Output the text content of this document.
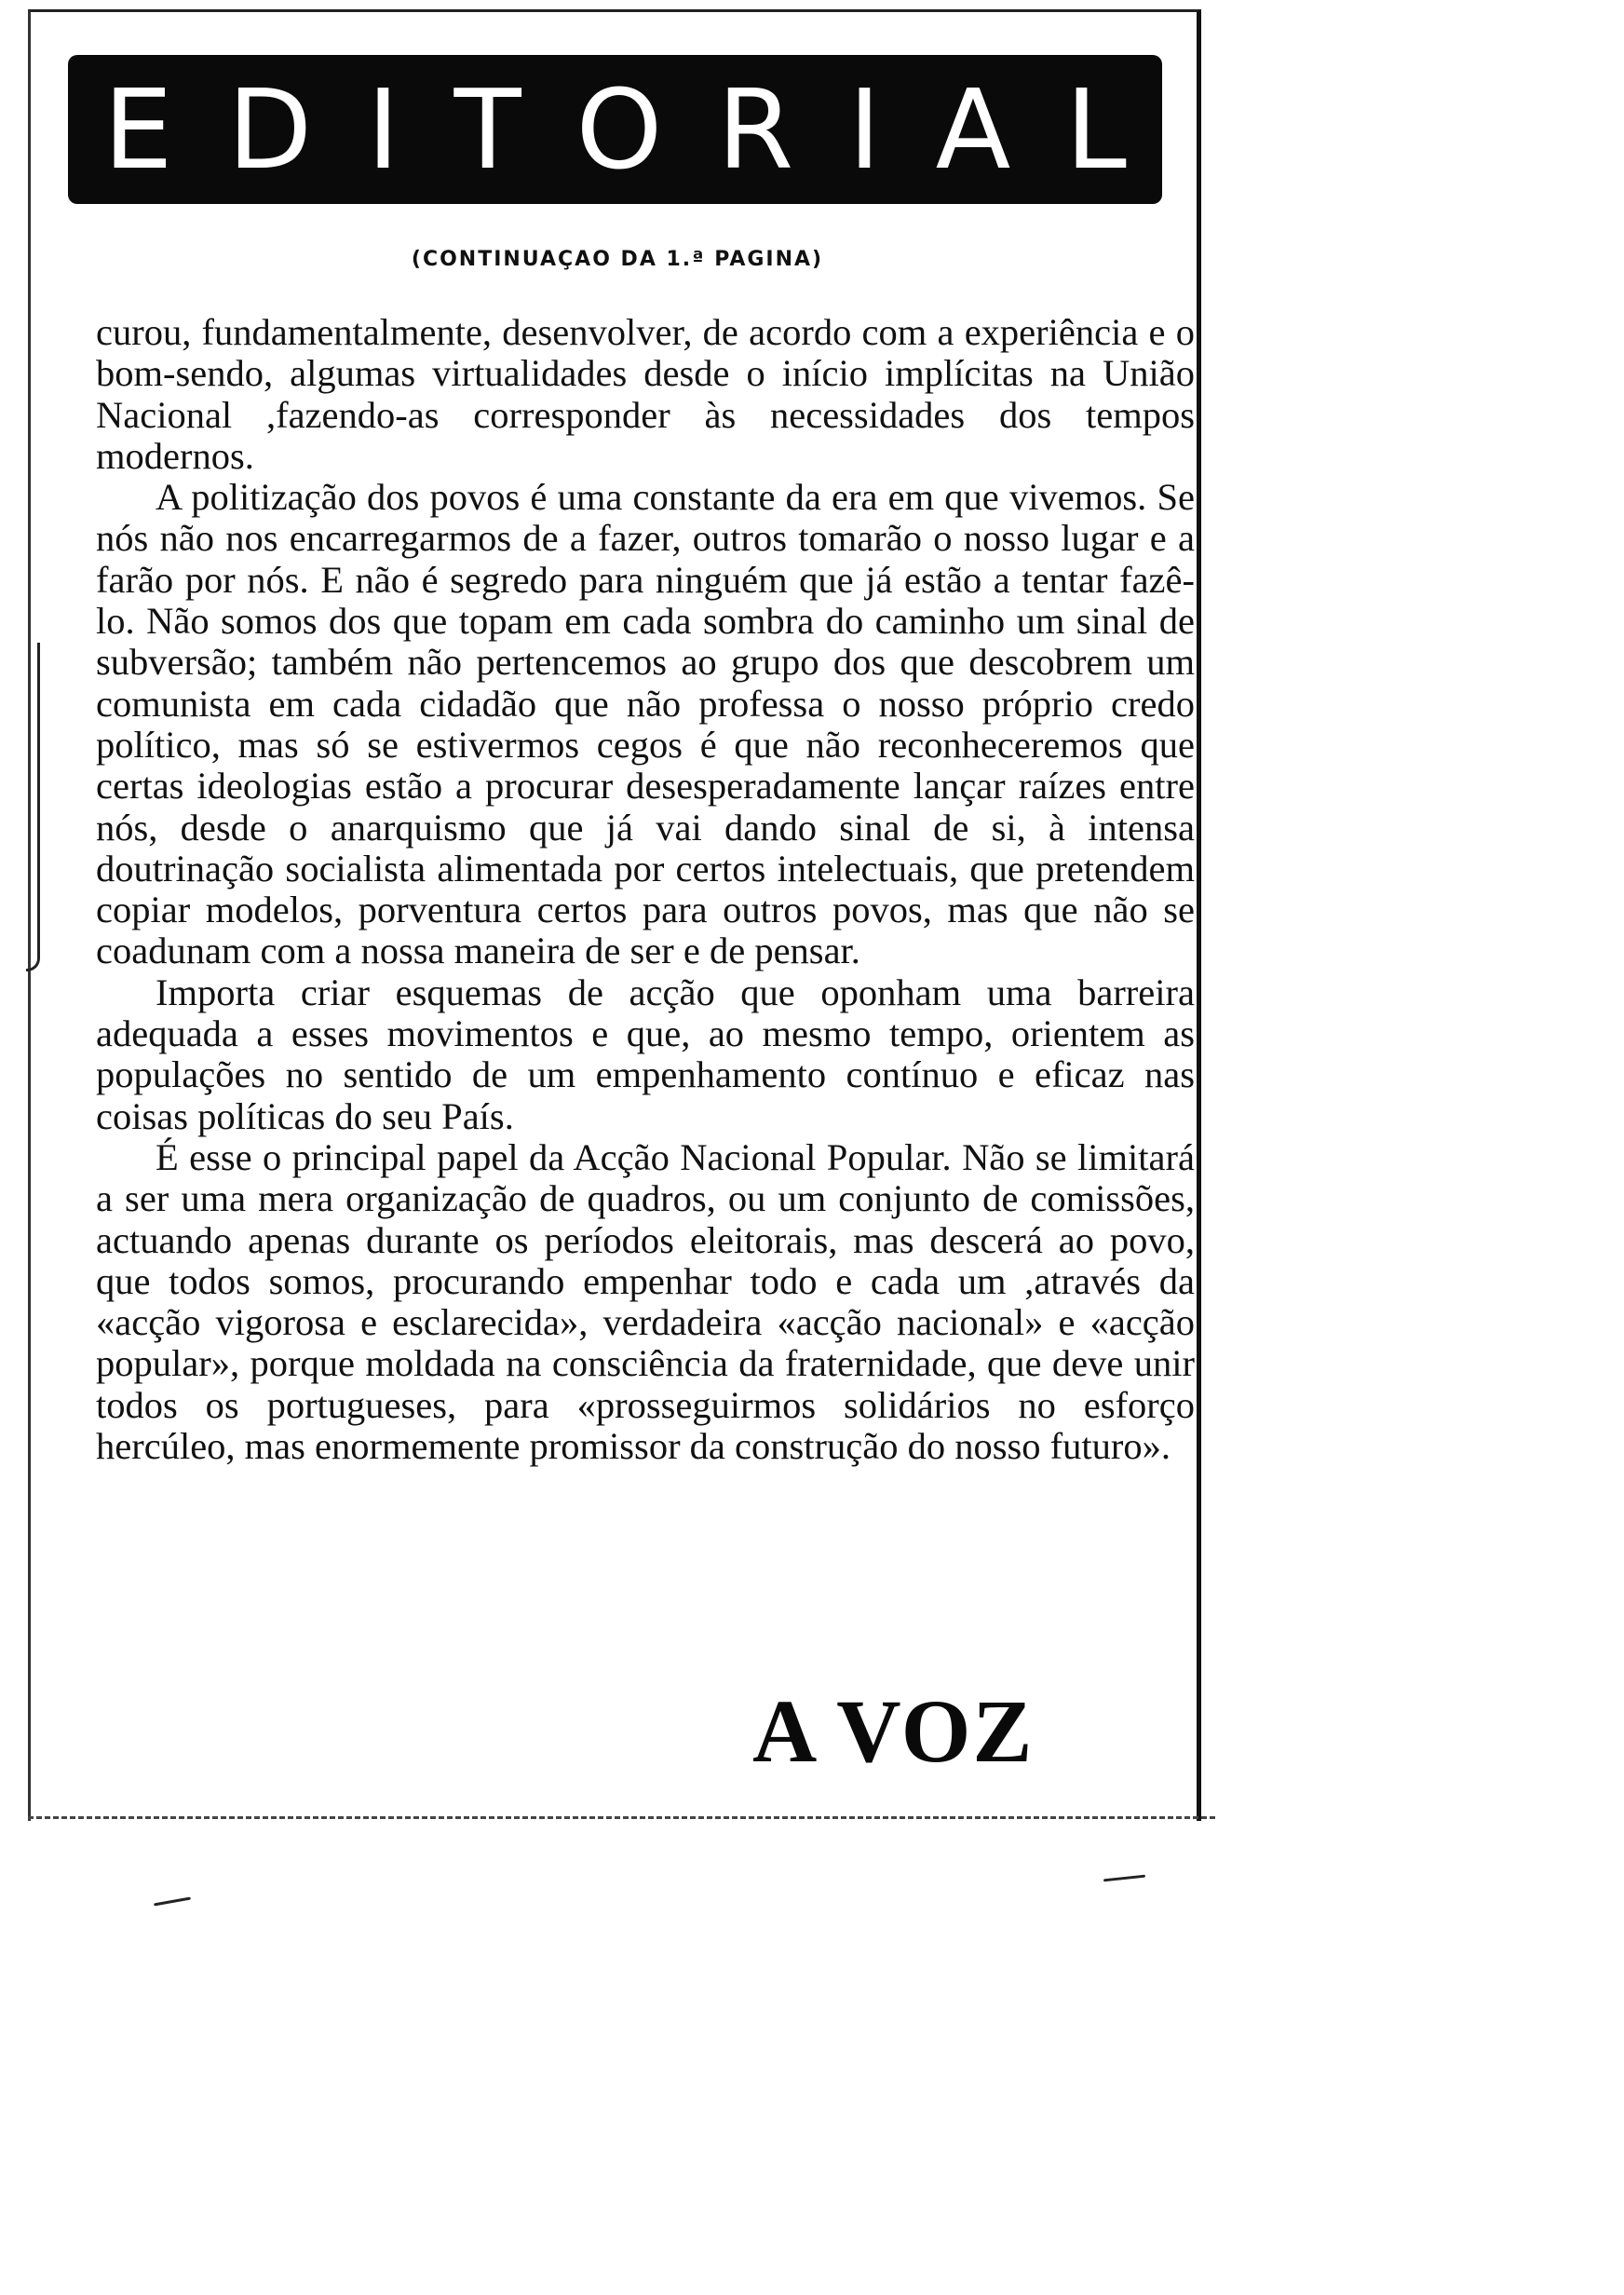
E D I T O R I A L
(CONTINUAÇAO DA 1.ª PAGINA)

curou, fundamentalmente, desenvolver, de acordo com a experiência e o bom-sendo, algumas virtualidades desde o início implícitas na União Nacional ,fazendo-as corresponder às necessidades dos tempos modernos.

A politização dos povos é uma constante da era em que vivemos. Se nós não nos encarregarmos de a fazer, outros tomarão o nosso lugar e a farão por nós. E não é segredo para ninguém que já estão a tentar fazê-lo. Não somos dos que topam em cada sombra do caminho um sinal de subversão; também não pertencemos ao grupo dos que descobrem um comunista em cada cidadão que não professa o nosso próprio credo político, mas só se estivermos cegos é que não reconheceremos que certas ideologias estão a procurar desesperadamente lançar raízes entre nós, desde o anarquismo que já vai dando sinal de si, à intensa doutrinação socialista alimentada por certos intelectuais, que pretendem copiar modelos, porventura certos para outros povos, mas que não se coadunam com a nossa maneira de ser e de pensar.

Importa criar esquemas de acção que oponham uma barreira adequada a esses movimentos e que, ao mesmo tempo, orientem as populações no sentido de um empenhamento contínuo e eficaz nas coisas políticas do seu País.

É esse o principal papel da Acção Nacional Popular. Não se limitará a ser uma mera organização de quadros, ou um conjunto de comissões, actuando apenas durante os períodos eleitorais, mas descerá ao povo, que todos somos, procurando empenhar todo e cada um ,através da «acção vigorosa e esclarecida», verdadeira «acção nacional» e «acção popular», porque moldada na consciência da fraternidade, que deve unir todos os portugueses, para «prosseguirmos solidários no esforço hercúleo, mas enormemente promissor da construção do nosso futuro».

A VOZ
